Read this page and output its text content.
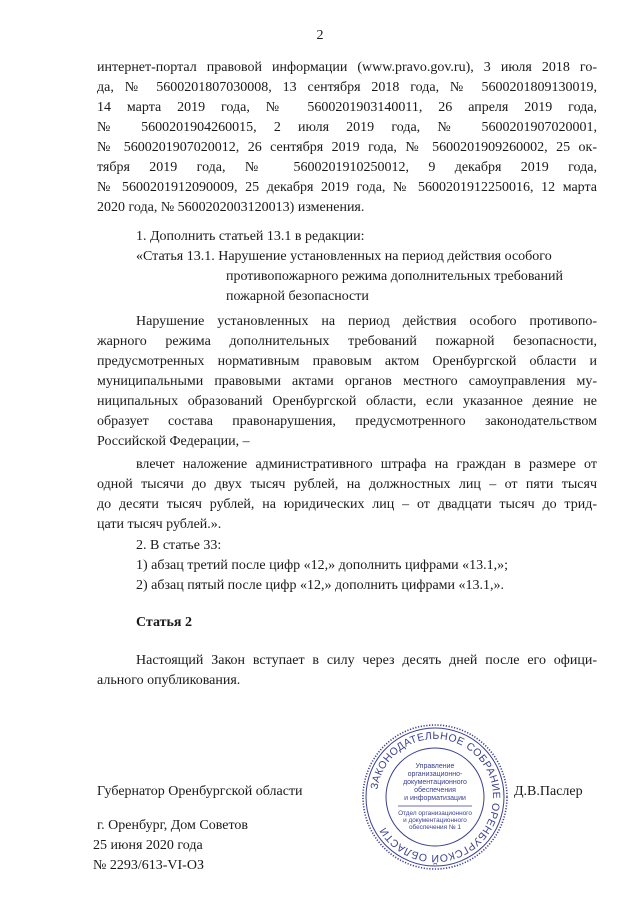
2

интернет-портал правовой информации (www.pravo.gov.ru), 3 июля 2018 го-

да, № 5600201807030008, 13 сентября 2018 года, № 5600201809130019,

14 марта 2019 года, № 5600201903140011, 26 апреля 2019 года,

№ 5600201904260015, 2 июля 2019 года, № 5600201907020001,

№ 5600201907020012, 26 сентября 2019 года, № 5600201909260002, 25 ок-

тября 2019 года, № 5600201910250012, 9 декабря 2019 года,

№ 5600201912090009, 25 декабря 2019 года, № 5600201912250016, 12 марта

2020 года, № 5600202003120013) изменения.

1. Дополнить статьей 13.1 в редакции:

«Статья 13.1. Нарушение установленных на период действия особого

противопожарного режима дополнительных требований

пожарной безопасности

Нарушение установленных на период действия особого противопо-

жарного режима дополнительных требований пожарной безопасности,

предусмотренных нормативным правовым актом Оренбургской области и

муниципальными правовыми актами органов местного самоуправления му-

ниципальных образований Оренбургской области, если указанное деяние не

образует состава правонарушения, предусмотренного законодательством

Российской Федерации, –

влечет наложение административного штрафа на граждан в размере от

одной тысячи до двух тысяч рублей, на должностных лиц – от пяти тысяч

до десяти тысяч рублей, на юридических лиц – от двадцати тысяч до трид-

цати тысяч рублей.».

2. В статье 33:

1) абзац третий после цифр «12,» дополнить цифрами «13.1,»;

2) абзац пятый после цифр «12,» дополнить цифрами «13.1,».

Статья 2

Настоящий Закон вступает в силу через десять дней после его офици-

ального опубликования.

ЗАКОНОДАТЕЛЬНОЕ СОБРАНИЕ ОРЕНБУРГСКОЙ ОБЛАСТИ
Управление
организационно-
документационного
обеспечения
и информатизации
Отдел организационного
и документационного
обеспечения № 1

Губернатор Оренбургской области	Д.В.Паслер

г. Оренбург, Дом Советов

25 июня 2020 года

№ 2293/613-VI-ОЗ
